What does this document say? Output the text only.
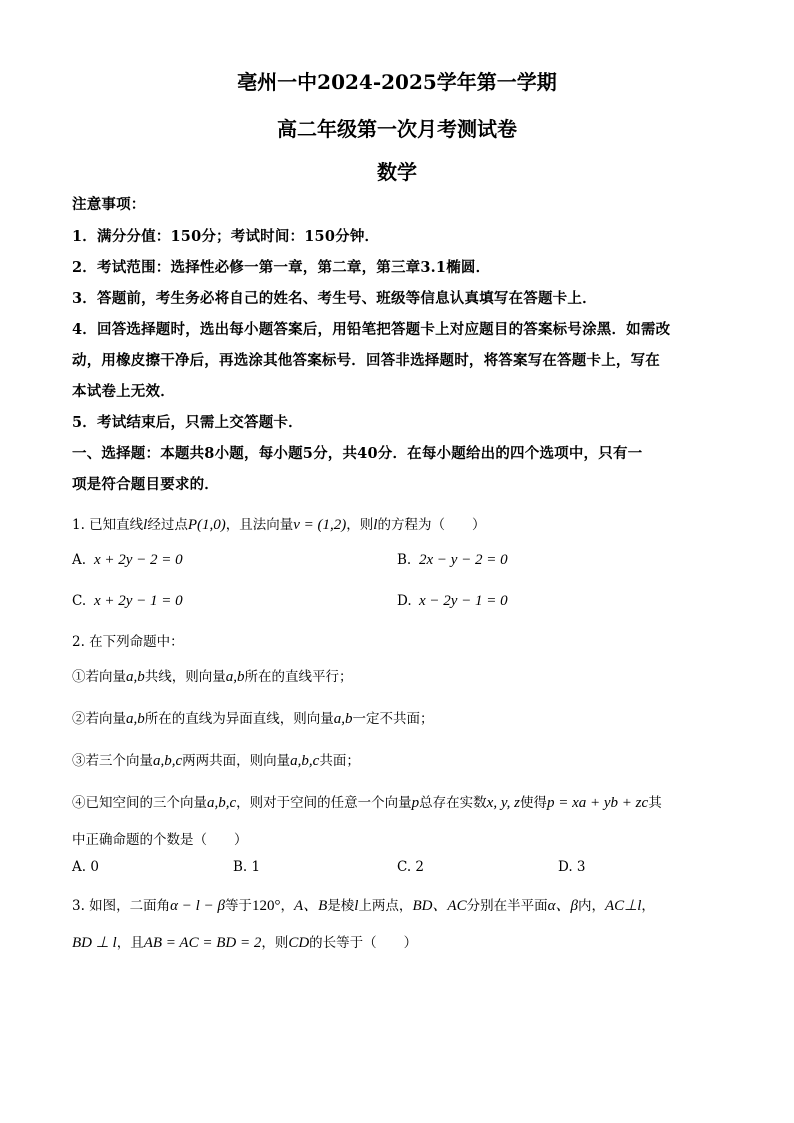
亳州一中2024-2025学年第一学期
高二年级第一次月考测试卷
数学
注意事项：
1．满分分值：150分；考试时间：150分钟．
2．考试范围：选择性必修一第一章，第二章，第三章3.1椭圆．
3．答题前，考生务必将自己的姓名、考生号、班级等信息认真填写在答题卡上．
4．回答选择题时，选出每小题答案后，用铅笔把答题卡上对应题目的答案标号涂黑．如需改
动，用橡皮擦干净后，再选涂其他答案标号．回答非选择题时，将答案写在答题卡上，写在
本试卷上无效．
5．考试结束后，只需上交答题卡．
一、选择题：本题共8小题，每小题5分，共40分．在每小题给出的四个选项中，只有一
项是符合题目要求的．
1. 已知直线l经过点P(1,0)，且法向量v = (1,2)，则l的方程为（　　）
A. x + 2y − 2 = 0	B. 2x − y − 2 = 0
C. x + 2y − 1 = 0	D. x − 2y − 1 = 0
2. 在下列命题中：
①若向量a,b共线，则向量a,b所在的直线平行；
②若向量a,b所在的直线为异面直线，则向量a,b一定不共面；
③若三个向量a,b,c两两共面，则向量a,b,c共面；
④已知空间的三个向量a,b,c，则对于空间的任意一个向量p总存在实数x, y, z使得p = xa + yb + zc其
中正确命题的个数是（　　）
A. 0	B. 1	C. 2	D. 3
3. 如图，二面角α − l − β等于120°，A、B是棱l上两点，BD、AC分别在半平面α、β内，AC⊥l，
BD ⊥ l，且AB = AC = BD = 2，则CD的长等于（　　）
